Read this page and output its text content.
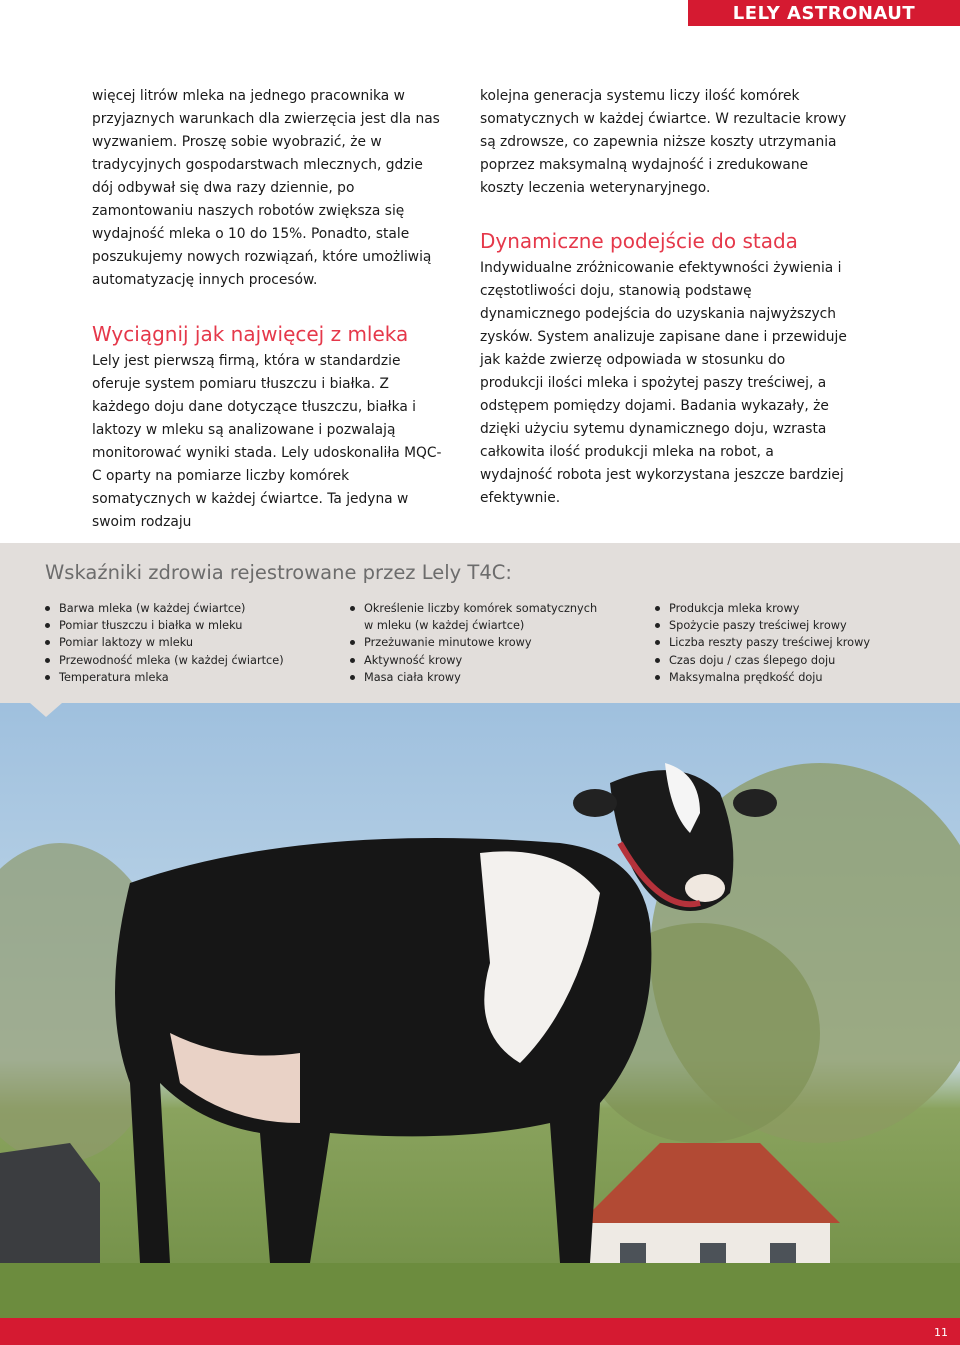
LELY ASTRONAUT

więcej litrów mleka na jednego pracownika w przyjaznych warunkach dla zwierzęcia jest dla nas wyzwaniem. Proszę sobie wyobrazić, że w tradycyjnych gospodarstwach mlecznych, gdzie dój odbywał się dwa razy dziennie, po zamontowaniu naszych robotów zwiększa się wydajność mleka o 10 do 15%. Ponadto, stale poszukujemy nowych rozwiązań, które umożliwią automatyzację innych procesów.

Wyciągnij jak najwięcej z mleka

Lely jest pierwszą firmą, która w standardzie oferuje system pomiaru tłuszczu i białka. Z każdego doju dane dotyczące tłuszczu, białka i laktozy w mleku są analizowane i pozwalają monitorować wyniki stada. Lely udoskonaliła MQC-C oparty na pomiarze liczby komórek somatycznych w każdej ćwiartce. Ta jedyna w swoim rodzaju

kolejna generacja systemu liczy ilość komórek somatycznych w każdej ćwiartce. W rezultacie krowy są zdrowsze, co zapewnia niższe koszty utrzymania poprzez maksymalną wydajność i zredukowane koszty leczenia weterynaryjnego.

Dynamiczne podejście do stada

Indywidualne zróżnicowanie efektywności żywienia i częstotliwości doju, stanowią podstawę dynamicznego podejścia do uzyskania najwyższych zysków. System analizuje zapisane dane i przewiduje jak każde zwierzę odpowiada w stosunku do produkcji ilości mleka i spożytej paszy treściwej, a odstępem pomiędzy dojami. Badania wykazały, że dzięki użyciu sytemu dynamicznego doju, wzrasta całkowita ilość produkcji mleka na robot, a wydajność robota jest wykorzystana jeszcze bardziej efektywnie.

Wskaźniki zdrowia rejestrowane przez Lely T4C:
Barwa mleka (w każdej ćwiartce)
Pomiar tłuszczu i białka w mleku
Pomiar laktozy w mleku
Przewodność mleka (w każdej ćwiartce)
Temperatura mleka
Określenie liczby komórek somatycznych
w mleku (w każdej ćwiartce)
Przeżuwanie minutowe krowy
Aktywność krowy
Masa ciała krowy
Produkcja mleka krowy
Spożycie paszy treściwej krowy
Liczba reszty paszy treściwej krowy
Czas doju / czas ślepego doju
Maksymalna prędkość doju
11
